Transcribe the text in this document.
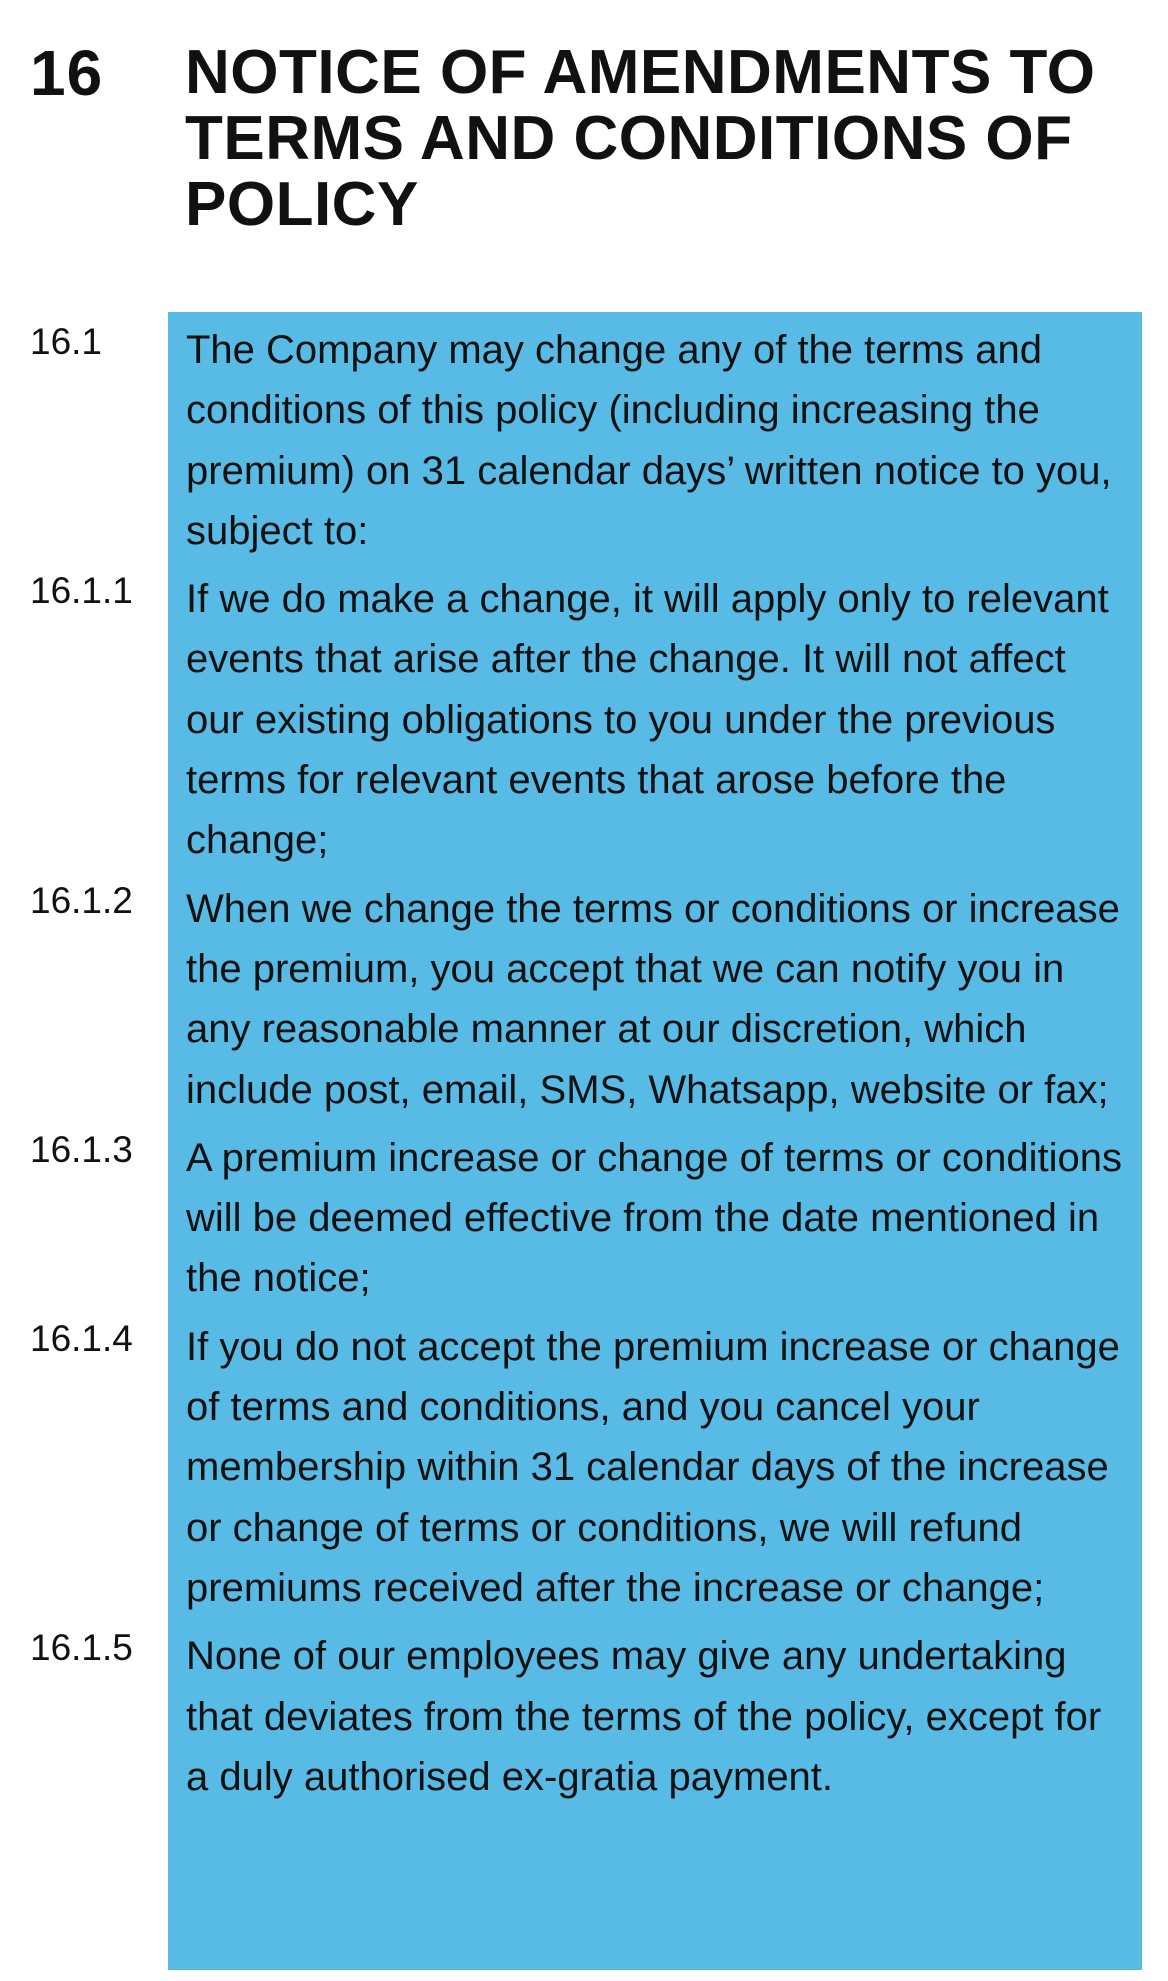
16	NOTICE OF AMENDMENTS TO TERMS AND CONDITIONS OF POLICY
16.1	The Company may change any of the terms and conditions of this policy (including increasing the premium) on 31 calendar days’ written notice to you, subject to:
16.1.1	If we do make a change, it will apply only to relevant events that arise after the change. It will not affect our existing obligations to you under the previous terms for relevant events that arose before the change;
16.1.2	When we change the terms or conditions or increase the premium, you accept that we can notify you in any reasonable manner at our discretion, which include post, email, SMS, Whatsapp, website or fax;
16.1.3	A premium increase or change of terms or conditions will be deemed effective from the date mentioned in the notice;
16.1.4	If you do not accept the premium increase or change of terms and conditions, and you cancel your membership within 31 calendar days of the increase or change of terms or conditions, we will refund premiums received after the increase or change;
16.1.5	None of our employees may give any undertaking that deviates from the terms of the policy, except for a duly authorised ex-gratia payment.
